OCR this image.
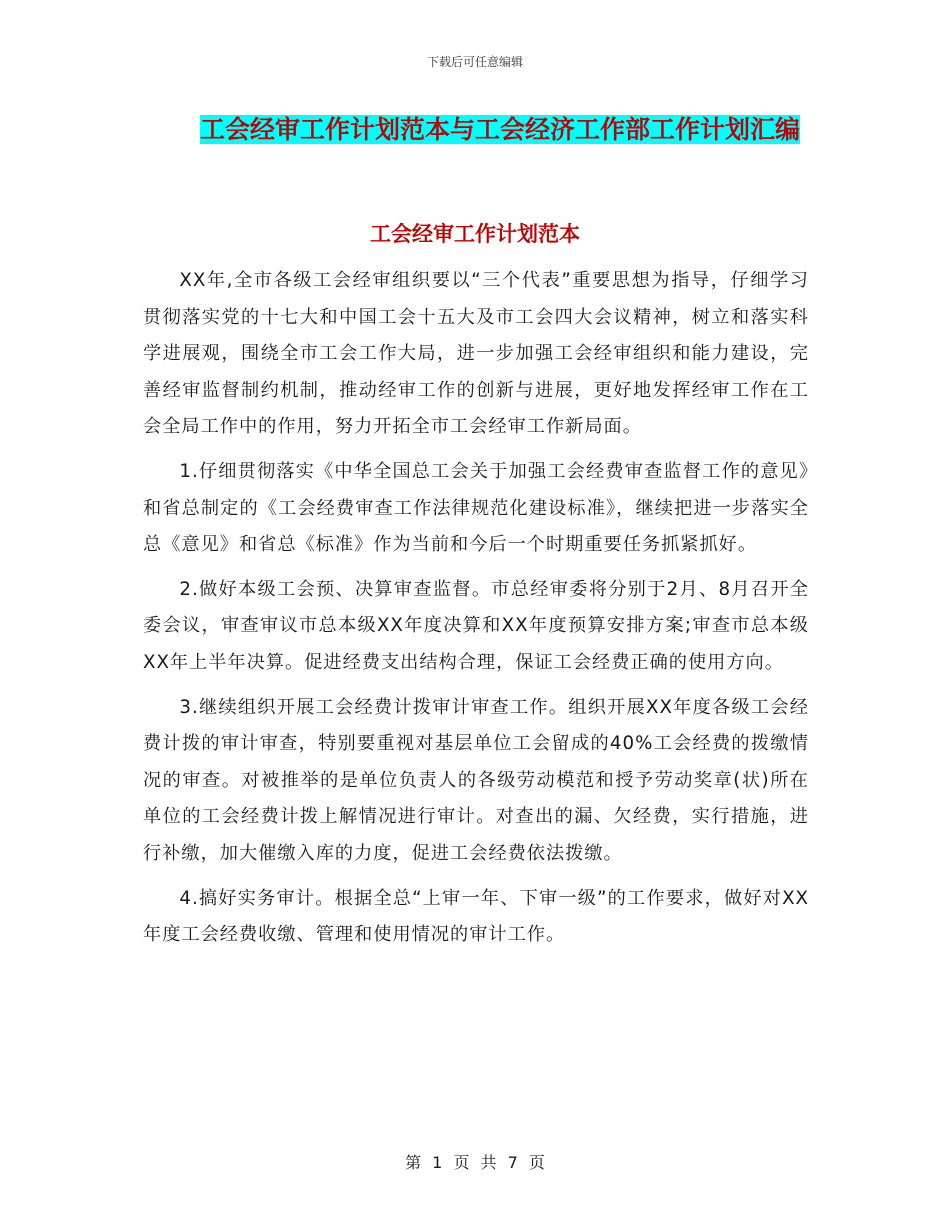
下载后可任意编辑
工会经审工作计划范本与工会经济工作部工作计划汇编
工会经审工作计划范本

XX年,全市各级工会经审组织要以“三个代表”重要思想为指导，仔细学习贯彻落实党的十七大和中国工会十五大及市工会四大会议精神，树立和落实科学进展观，围绕全市工会工作大局，进一步加强工会经审组织和能力建设，完善经审监督制约机制，推动经审工作的创新与进展，更好地发挥经审工作在工会全局工作中的作用，努力开拓全市工会经审工作新局面。

1.仔细贯彻落实《中华全国总工会关于加强工会经费审查监督工作的意见》和省总制定的《工会经费审查工作法律规范化建设标准》，继续把进一步落实全总《意见》和省总《标准》作为当前和今后一个时期重要任务抓紧抓好。

2.做好本级工会预、决算审查监督。市总经审委将分别于2月、8月召开全委会议，审查审议市总本级XX年度决算和XX年度预算安排方案;审查市总本级XX年上半年决算。促进经费支出结构合理，保证工会经费正确的使用方向。

3.继续组织开展工会经费计拨审计审查工作。组织开展XX年度各级工会经费计拨的审计审查，特别要重视对基层单位工会留成的40%工会经费的拨缴情况的审查。对被推举的是单位负责人的各级劳动模范和授予劳动奖章(状)所在单位的工会经费计拨上解情况进行审计。对查出的漏、欠经费，实行措施，进行补缴，加大催缴入库的力度，促进工会经费依法拨缴。

4.搞好实务审计。根据全总“上审一年、下审一级”的工作要求，做好对XX年度工会经费收缴、管理和使用情况的审计工作。

第 1 页 共 7 页
